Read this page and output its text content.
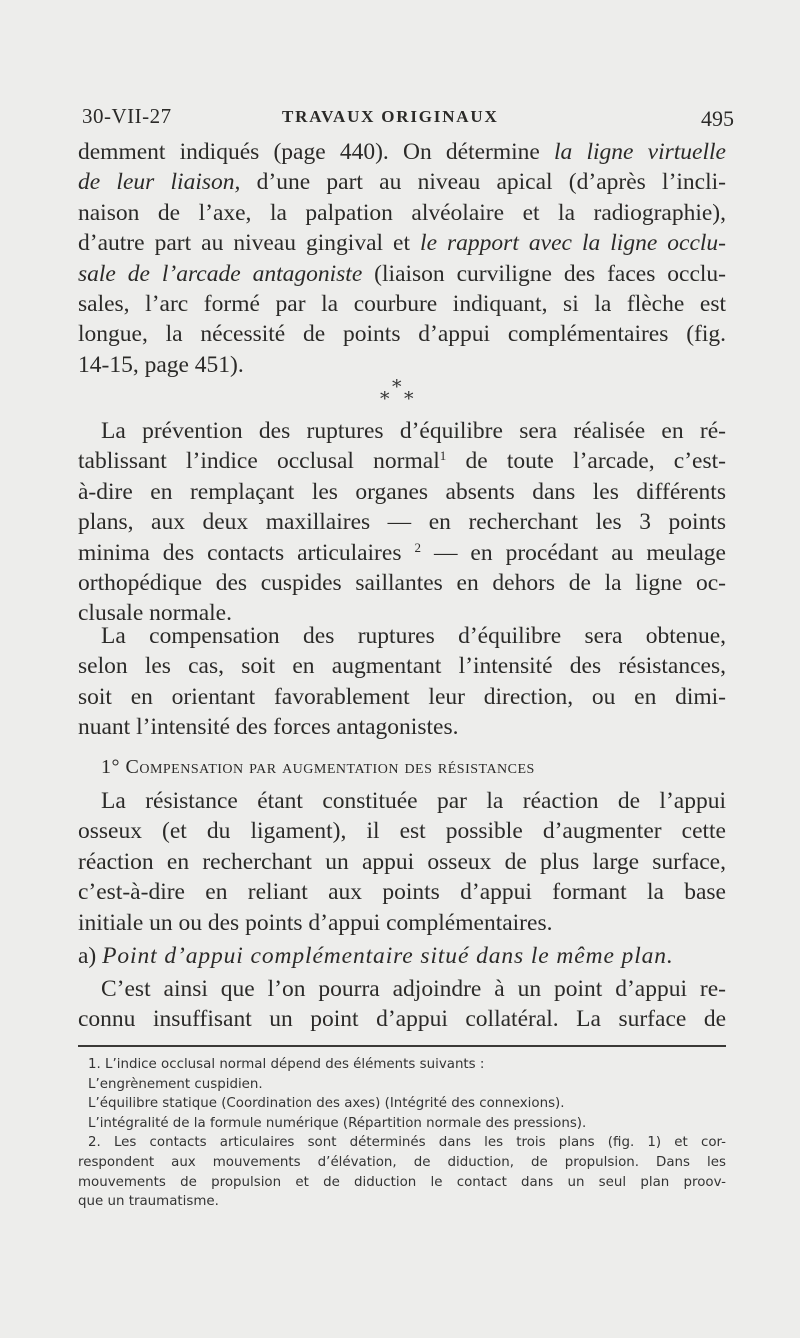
30-VII-27	TRAVAUX ORIGINAUX	495
demment indiqués (page 440). On détermine la ligne virtuelle
de leur liaison, d’une part au niveau apical (d’après l’incli-
naison de l’axe, la palpation alvéolaire et la radiographie),
d’autre part au niveau gingival et le rapport avec la ligne occlu-
sale de l’arcade antagoniste (liaison curviligne des faces occlu-
sales, l’arc formé par la courbure indiquant, si la flèche est
longue, la nécessité de points d’appui complémentaires (fig.
14-15, page 451).
*
* *
La prévention des ruptures d’équilibre sera réalisée en ré-
tablissant l’indice occlusal normal$^1$ de toute l’arcade, c’est-
à-dire en remplaçant les organes absents dans les différents
plans, aux deux maxillaires — en recherchant les 3 points
minima des contacts articulaires $^2$ — en procédant au meulage
orthopédique des cuspides saillantes en dehors de la ligne oc-
clusale normale.
La compensation des ruptures d’équilibre sera obtenue,
selon les cas, soit en augmentant l’intensité des résistances,
soit en orientant favorablement leur direction, ou en dimi-
nuant l’intensité des forces antagonistes.
1° Compensation par augmentation des résistances
La résistance étant constituée par la réaction de l’appui
osseux (et du ligament), il est possible d’augmenter cette
réaction en recherchant un appui osseux de plus large surface,
c’est-à-dire en reliant aux points d’appui formant la base
initiale un ou des points d’appui complémentaires.
a) Point d’appui complémentaire situé dans le même plan.
C’est ainsi que l’on pourra adjoindre à un point d’appui re-
connu insuffisant un point d’appui collatéral. La surface de
1. L’indice occlusal normal dépend des éléments suivants :
L’engrènement cuspidien.
L’équilibre statique (Coordination des axes) (Intégrité des connexions).
L’intégralité de la formule numérique (Répartition normale des pressions).
2. Les contacts articulaires sont déterminés dans les trois plans (fig. 1) et cor-
respondent aux mouvements d’élévation, de diduction, de propulsion. Dans les
mouvements de propulsion et de diduction le contact dans un seul plan proov-
que un traumatisme.
